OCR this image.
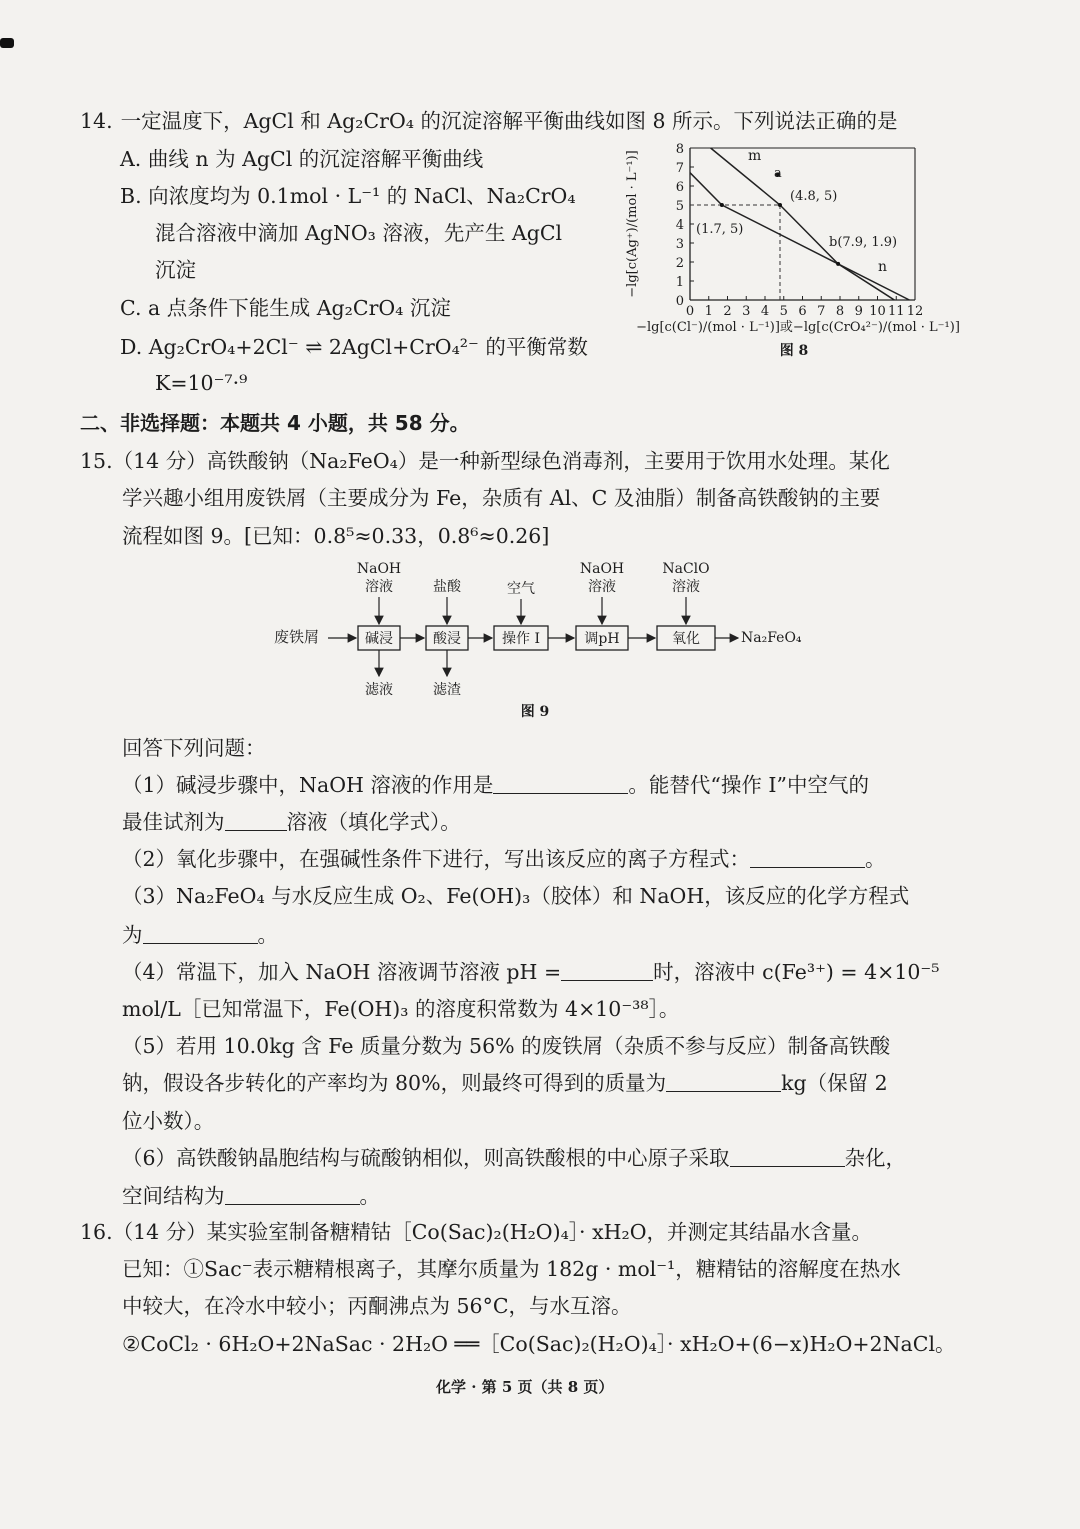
14. 一定温度下，AgCl 和 Ag₂CrO₄ 的沉淀溶解平衡曲线如图 8 所示。下列说法正确的是
A. 曲线 n 为 AgCl 的沉淀溶解平衡曲线
B. 向浓度均为 0.1mol · L⁻¹ 的 NaCl、Na₂CrO₄
混合溶液中滴加 AgNO₃ 溶液，先产生 AgCl
沉淀
C. a 点条件下能生成 Ag₂CrO₄ 沉淀
D. Ag₂CrO₄+2Cl⁻ ⇌ 2AgCl+CrO₄²⁻ 的平衡常数
K=10⁻⁷·⁹
0 1 2 3 4 5 6 7 8 9 10 11 12
0
1
2
3
4
5
6
7
8
−lg[c(Ag⁺)/(mol · L⁻¹)]	m
n
a
(4.8, 5)
(1.7, 5)
b(7.9, 1.9)
−lg[c(Cl⁻)/(mol · L⁻¹)]或−lg[c(CrO₄²⁻)/(mol · L⁻¹)]
图 8
二、非选择题：本题共 4 小题，共 58 分。
15.（14 分）高铁酸钠（Na₂FeO₄）是一种新型绿色消毒剂，主要用于饮用水处理。某化
学兴趣小组用废铁屑（主要成分为 Fe，杂质有 Al、C 及油脂）制备高铁酸钠的主要
流程如图 9。[已知：0.8⁵≈0.33，0.8⁶≈0.26]
NaOH
溶液	盐酸	空气
NaOH
溶液
NaClO
溶液
废铁屑	碱浸	酸浸	操作 I	调pH	氧化	Na₂FeO₄
滤液	滤渣
图 9
回答下列问题：
（1）碱浸步骤中，NaOH 溶液的作用是	。能替代“操作 I”中空气的
最佳试剂为	溶液（填化学式）。
（2）氧化步骤中，在强碱性条件下进行，写出该反应的离子方程式：	。
（3）Na₂FeO₄ 与水反应生成 O₂、Fe(OH)₃（胶体）和 NaOH，该反应的化学方程式
为	。
（4）常温下，加入 NaOH 溶液调节溶液 pH =	时，溶液中 c(Fe³⁺) = 4×10⁻⁵
mol/L［已知常温下，Fe(OH)₃ 的溶度积常数为 4×10⁻³⁸］。
（5）若用 10.0kg 含 Fe 质量分数为 56% 的废铁屑（杂质不参与反应）制备高铁酸
钠，假设各步转化的产率均为 80%，则最终可得到的质量为	kg（保留 2
位小数）。
（6）高铁酸钠晶胞结构与硫酸钠相似，则高铁酸根的中心原子采取	杂化，
空间结构为	。
16.（14 分）某实验室制备糖精钴［Co(Sac)₂(H₂O)₄］· xH₂O，并测定其结晶水含量。
已知：①Sac⁻表示糖精根离子，其摩尔质量为 182g · mol⁻¹，糖精钴的溶解度在热水
中较大，在冷水中较小；丙酮沸点为 56°C，与水互溶。
②CoCl₂ · 6H₂O+2NaSac · 2H₂O ══［Co(Sac)₂(H₂O)₄］· xH₂O+(6−x)H₂O+2NaCl。
化学 · 第 5 页（共 8 页）
